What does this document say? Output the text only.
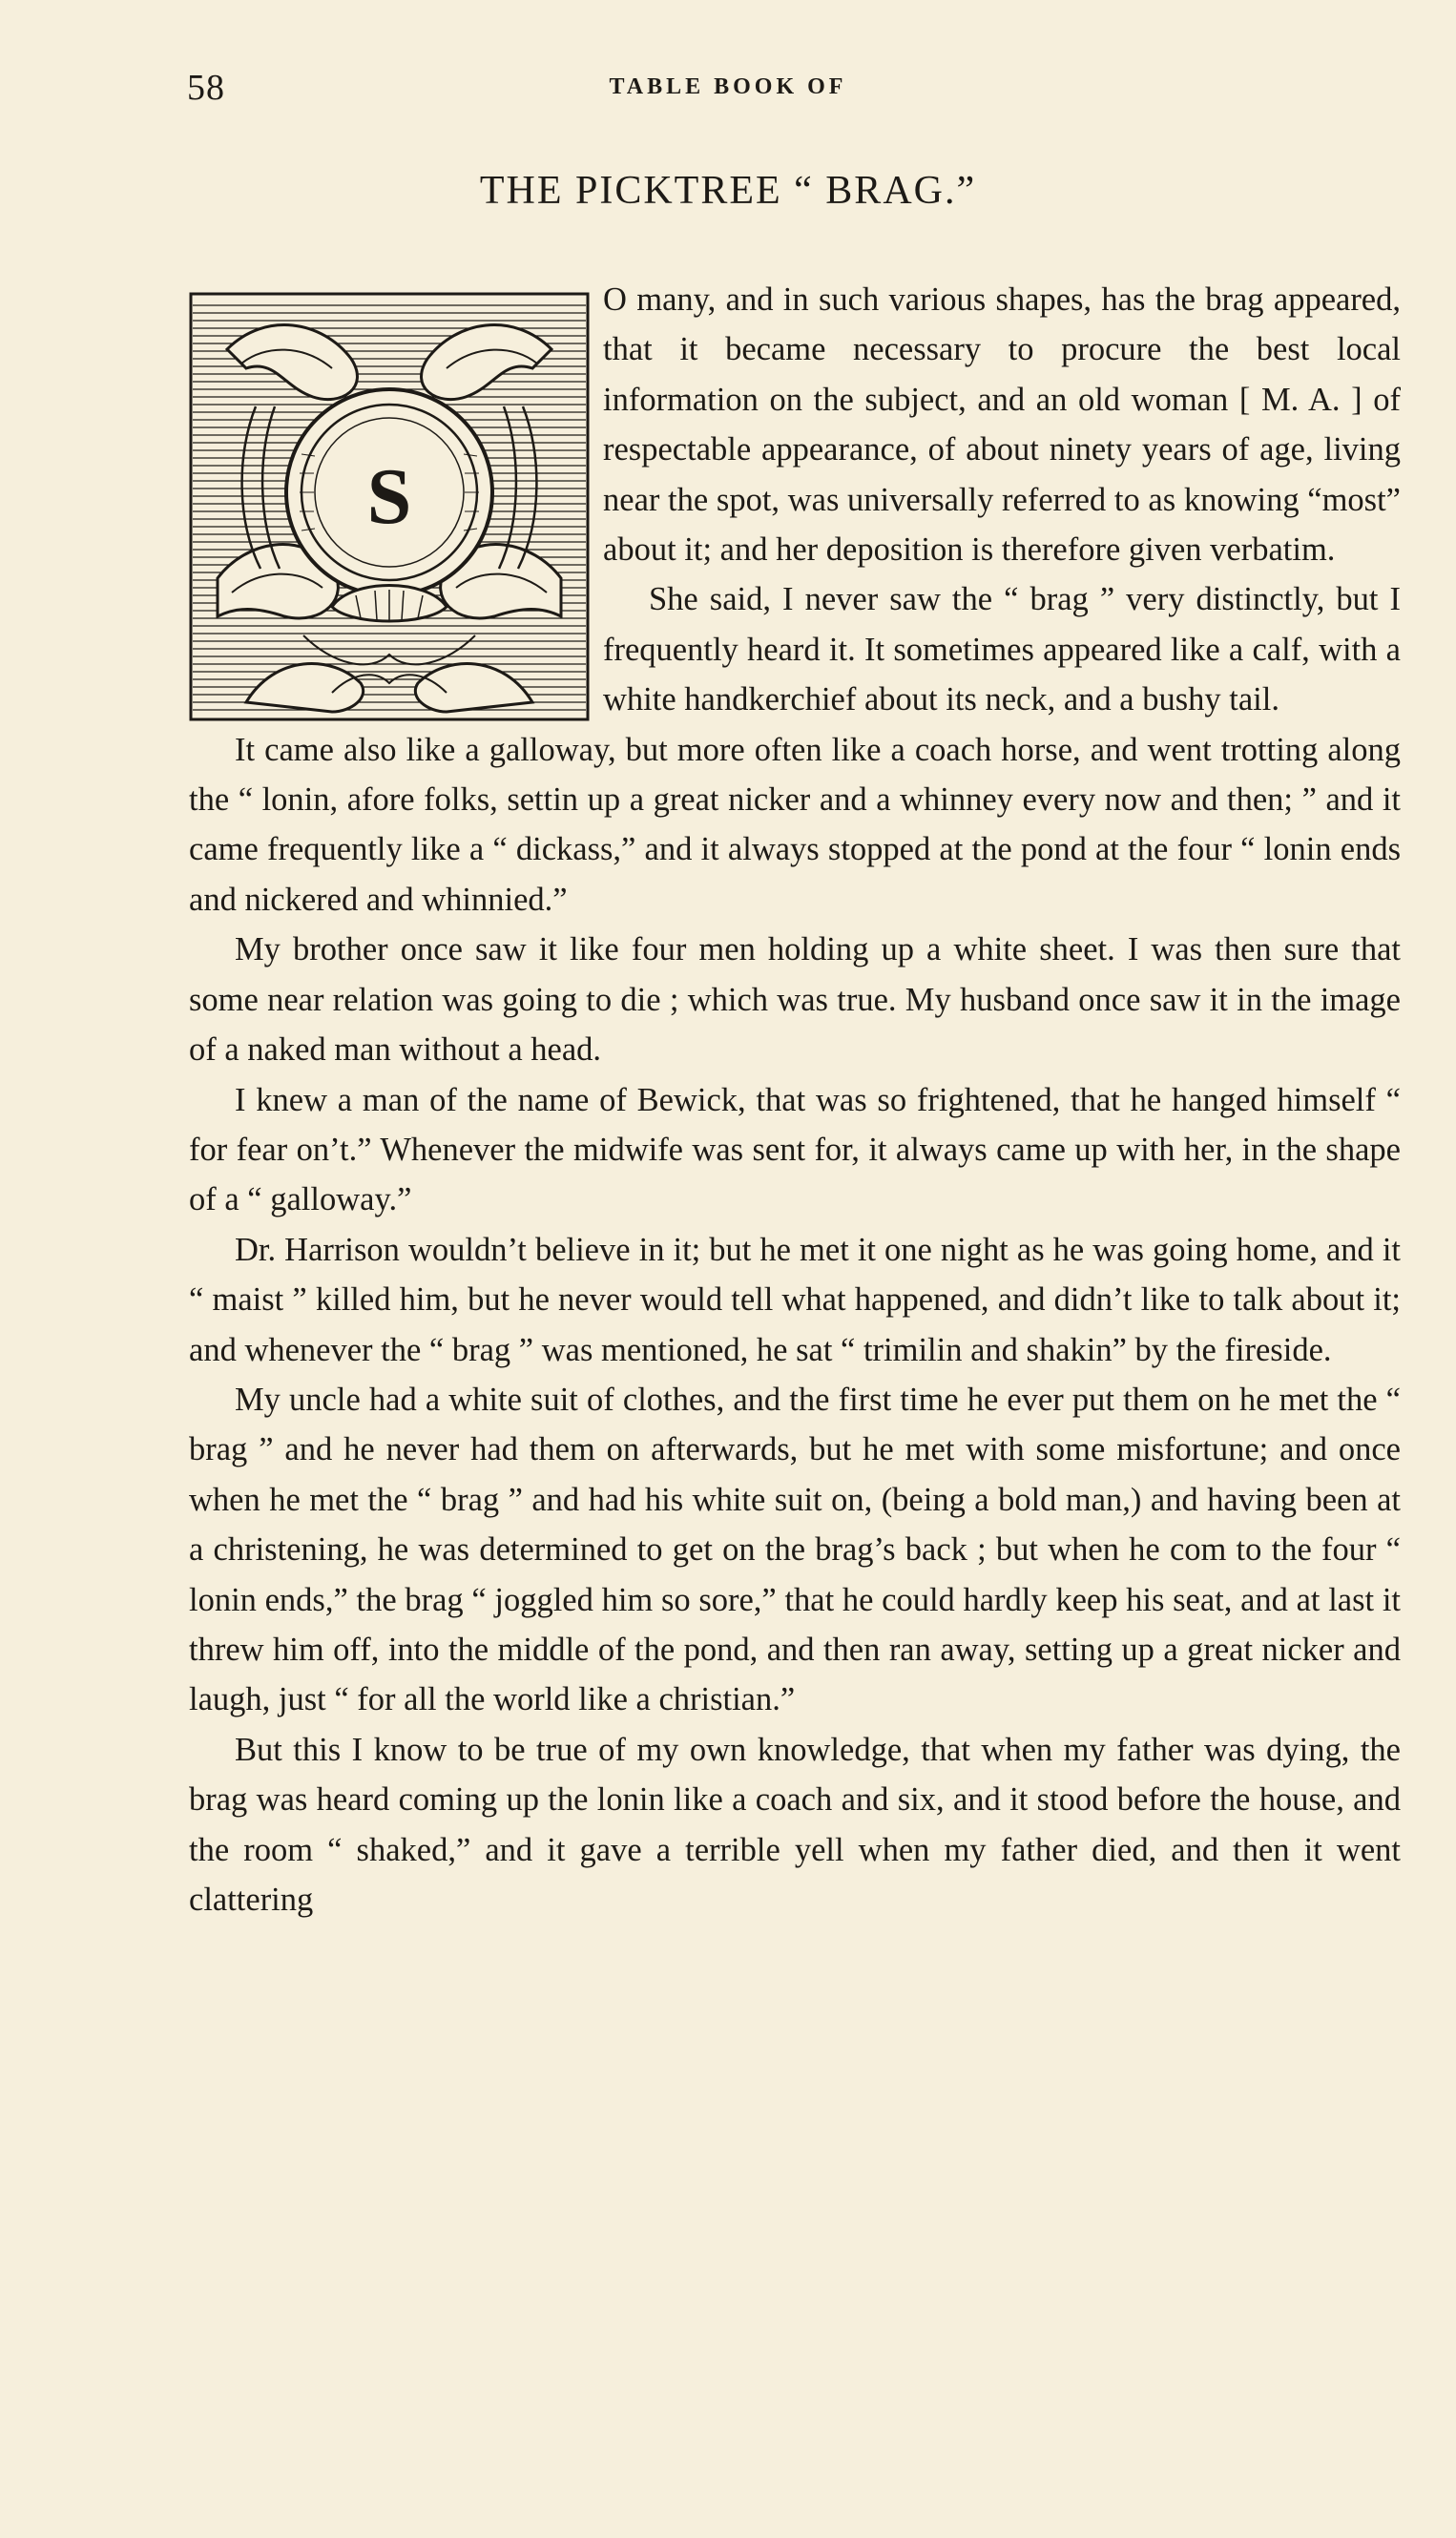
58	TABLE BOOK OF
THE PICKTREE “ BRAG.”

S
O many, and in such various shapes, has the brag appeared, that it became necessary to procure the best local information on the subject, and an old woman [ M. A. ] of respectable appearance, of about ninety years of age, living near the spot, was universally referred to as knowing “most” about it; and her deposition is therefore given verbatim.

She said, I never saw the “ brag ” very distinctly, but I frequently heard it. It sometimes appeared like a calf, with a white handkerchief about its neck, and a bushy tail.

It came also like a galloway, but more often like a coach horse, and went trotting along the “ lonin, afore folks, settin up a great nicker and a whinney every now and then; ” and it came frequently like a “ dickass,” and it always stopped at the pond at the four “ lonin ends and nickered and whinnied.”

My brother once saw it like four men holding up a white sheet. I was then sure that some near relation was going to die ; which was true. My husband once saw it in the image of a naked man without a head.

I knew a man of the name of Bewick, that was so frightened, that he hanged himself “ for fear on’t.” Whenever the midwife was sent for, it always came up with her, in the shape of a “ galloway.”

Dr. Harrison wouldn’t believe in it; but he met it one night as he was going home, and it “ maist ” killed him, but he never would tell what happened, and didn’t like to talk about it; and whenever the “ brag ” was mentioned, he sat “ trimilin and shakin” by the fireside.

My uncle had a white suit of clothes, and the first time he ever put them on he met the “ brag ” and he never had them on afterwards, but he met with some misfortune; and once when he met the “ brag ” and had his white suit on, (being a bold man,) and having been at a christening, he was determined to get on the brag’s back ; but when he com to the four “ lonin ends,” the brag “ joggled him so sore,” that he could hardly keep his seat, and at last it threw him off, into the middle of the pond, and then ran away, setting up a great nicker and laugh, just “ for all the world like a christian.”

But this I know to be true of my own knowledge, that when my father was dying, the brag was heard coming up the lonin like a coach and six, and it stood before the house, and the room “ shaked,” and it gave a terrible yell when my father died, and then it went clattering
